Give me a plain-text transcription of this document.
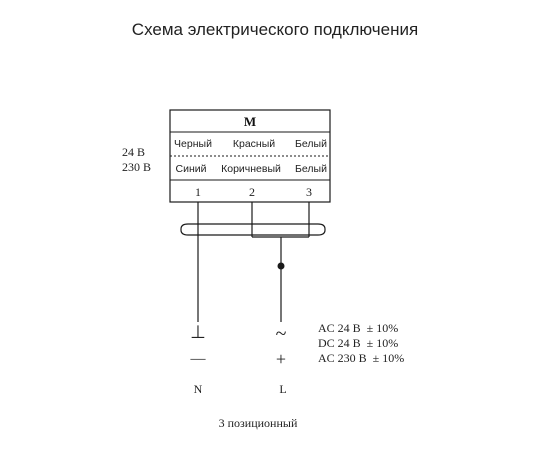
Схема электрического подключения
24 В
230 В
M
Черный Красный Белый
Синий Коричневый Белый
1	2	3
⊥	~
—	+
AC 24 В  ± 10%
DC 24 В  ± 10%
AC 230 В  ± 10%
N	L
3 позиционный
